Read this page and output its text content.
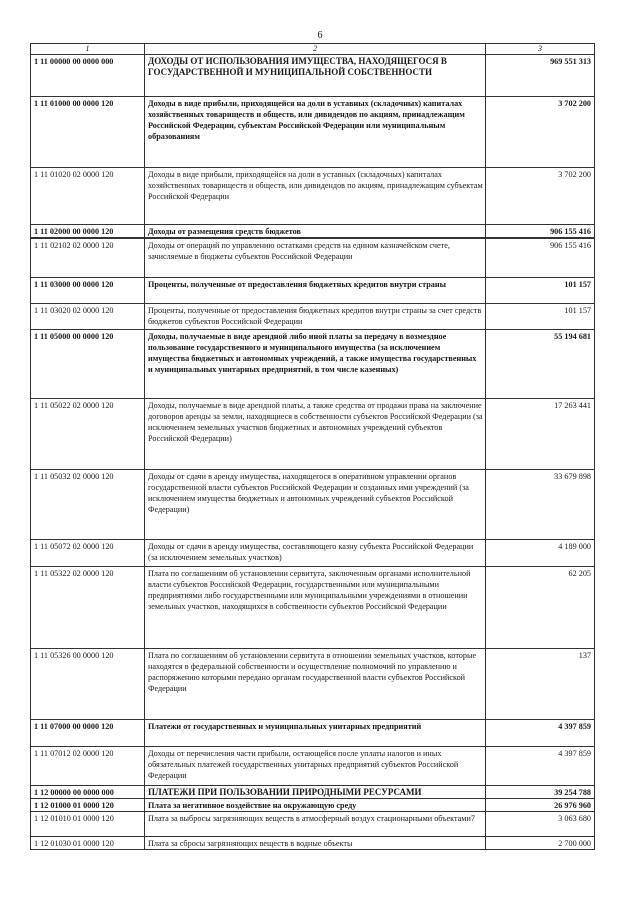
6
1	2	3
1 11 00000 00 0000 000	ДОХОДЫ ОТ ИСПОЛЬЗОВАНИЯ ИМУЩЕСТВА, НАХОДЯЩЕГОСЯ В ГОСУДАРСТВЕННОЙ И МУНИЦИПАЛЬНОЙ СОБСТВЕННОСТИ	969 551 313
1 11 01000 00 0000 120	Доходы в виде прибыли, приходящейся на доли в уставных (складочных) капиталах хозяйственных товариществ и обществ, или дивидендов по акциям, принадлежащим Российской Федерации, субъектам Российской Федерации или муниципальным образованиям	3 702 200
1 11 01020 02 0000 120	Доходы в виде прибыли, приходящейся на доли в уставных (складочных) капиталах хозяйственных товариществ и обществ, или дивидендов по акциям, принадлежащим субъектам Российской Федерации	3 702 200
1 11 02000 00 0000 120	Доходы от размещения средств бюджетов	906 155 416
1 11 02102 02 0000 120	Доходы от операций по управлению остатками средств на едином казначейском счете, зачисляемые в бюджеты субъектов Российской Федерации	906 155 416
1 11 03000 00 0000 120	Проценты, полученные от предоставления бюджетных кредитов внутри страны	101 157
1 11 03020 02 0000 120	Проценты, полученные от предоставления бюджетных кредитов внутри страны за счет средств бюджетов субъектов Российской Федерации	101 157
1 11 05000 00 0000 120	Доходы, получаемые в виде арендной либо иной платы за передачу в возмездное пользование государственного и муниципального имущества (за исключением имущества бюджетных и автономных учреждений, а также имущества государственных и муниципальных унитарных предприятий, в том числе казенных)	55 194 681
1 11 05022 02 0000 120	Доходы, получаемые в виде арендной платы, а также средства от продажи права на заключение договоров аренды за земли, находящиеся в собственности субъектов Российской Федерации (за исключением земельных участков бюджетных и автономных учреждений субъектов Российской Федерации)	17 263 441
1 11 05032 02 0000 120	Доходы от сдачи в аренду имущества, находящегося в оперативном управлении органов государственной власти субъектов Российской Федерации и созданных ими учреждений (за исключением имущества бюджетных и автономных учреждений субъектов Российской Федерации)	33 679 898
1 11 05072 02 0000 120	Доходы от сдачи в аренду имущества, составляющего казну субъекта Российской Федерации (за исключением земельных участков)	4 189 000
1 11 05322 02 0000 120	Плата по соглашениям об установлении сервитута, заключенным органами исполнительной власти субъектов Российской Федерации, государственными или муниципальными предприятиями либо государственными или муниципальными учреждениями в отношении земельных участков, находящихся в собственности субъектов Российской Федерации	62 205
1 11 05326 00 0000 120	Плата по соглашениям об установлении сервитута в отношении земельных участков, которые находятся в федеральной собственности и осуществление полномочий по управлению и распоряжению которыми передано органам государственной власти субъектов Российской Федерации	137
1 11 07000 00 0000 120	Платежи от государственных и муниципальных унитарных предприятий	4 397 859
1 11 07012 02 0000 120	Доходы от перечисления части прибыли, остающейся после уплаты налогов и иных обязательных платежей государственных унитарных предприятий субъектов Российской Федерации	4 397 859
1 12 00000 00 0000 000	ПЛАТЕЖИ ПРИ ПОЛЬЗОВАНИИ ПРИРОДНЫМИ РЕСУРСАМИ	39 254 788
1 12 01000 01 0000 120	Плата за негативное воздействие на окружающую среду	26 976 960
1 12 01010 01 0000 120	Плата за выбросы загрязняющих веществ в атмосферный воздух стационарными объектами7	3 063 680
1 12 01030 01 0000 120	Плата за сбросы загрязняющих веществ в водные объекты	2 700 000
